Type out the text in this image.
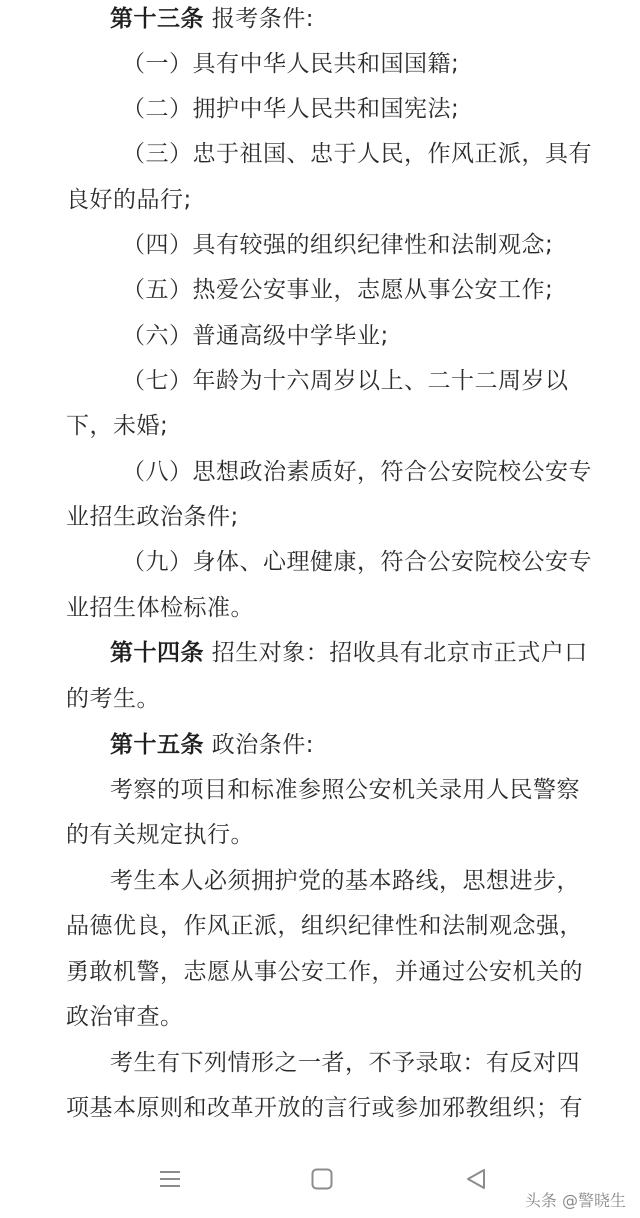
第十三条 报考条件:
（一）具有中华人民共和国国籍;
（二）拥护中华人民共和国宪法;
（三）忠于祖国、忠于人民，作风正派，具有
良好的品行;
（四）具有较强的组织纪律性和法制观念;
（五）热爱公安事业，志愿从事公安工作;
（六）普通高级中学毕业;
（七）年龄为十六周岁以上、二十二周岁以
下，未婚;
（八）思想政治素质好，符合公安院校公安专
业招生政治条件;
（九）身体、心理健康，符合公安院校公安专
业招生体检标准。
第十四条 招生对象：招收具有北京市正式户口
的考生。
第十五条 政治条件:
考察的项目和标准参照公安机关录用人民警察
的有关规定执行。
考生本人必须拥护党的基本路线，思想进步，
品德优良，作风正派，组织纪律性和法制观念强，
勇敢机警，志愿从事公安工作，并通过公安机关的
政治审查。
考生有下列情形之一者，不予录取：有反对四
项基本原则和改革开放的言行或参加邪教组织；有
头条 @警晓生
